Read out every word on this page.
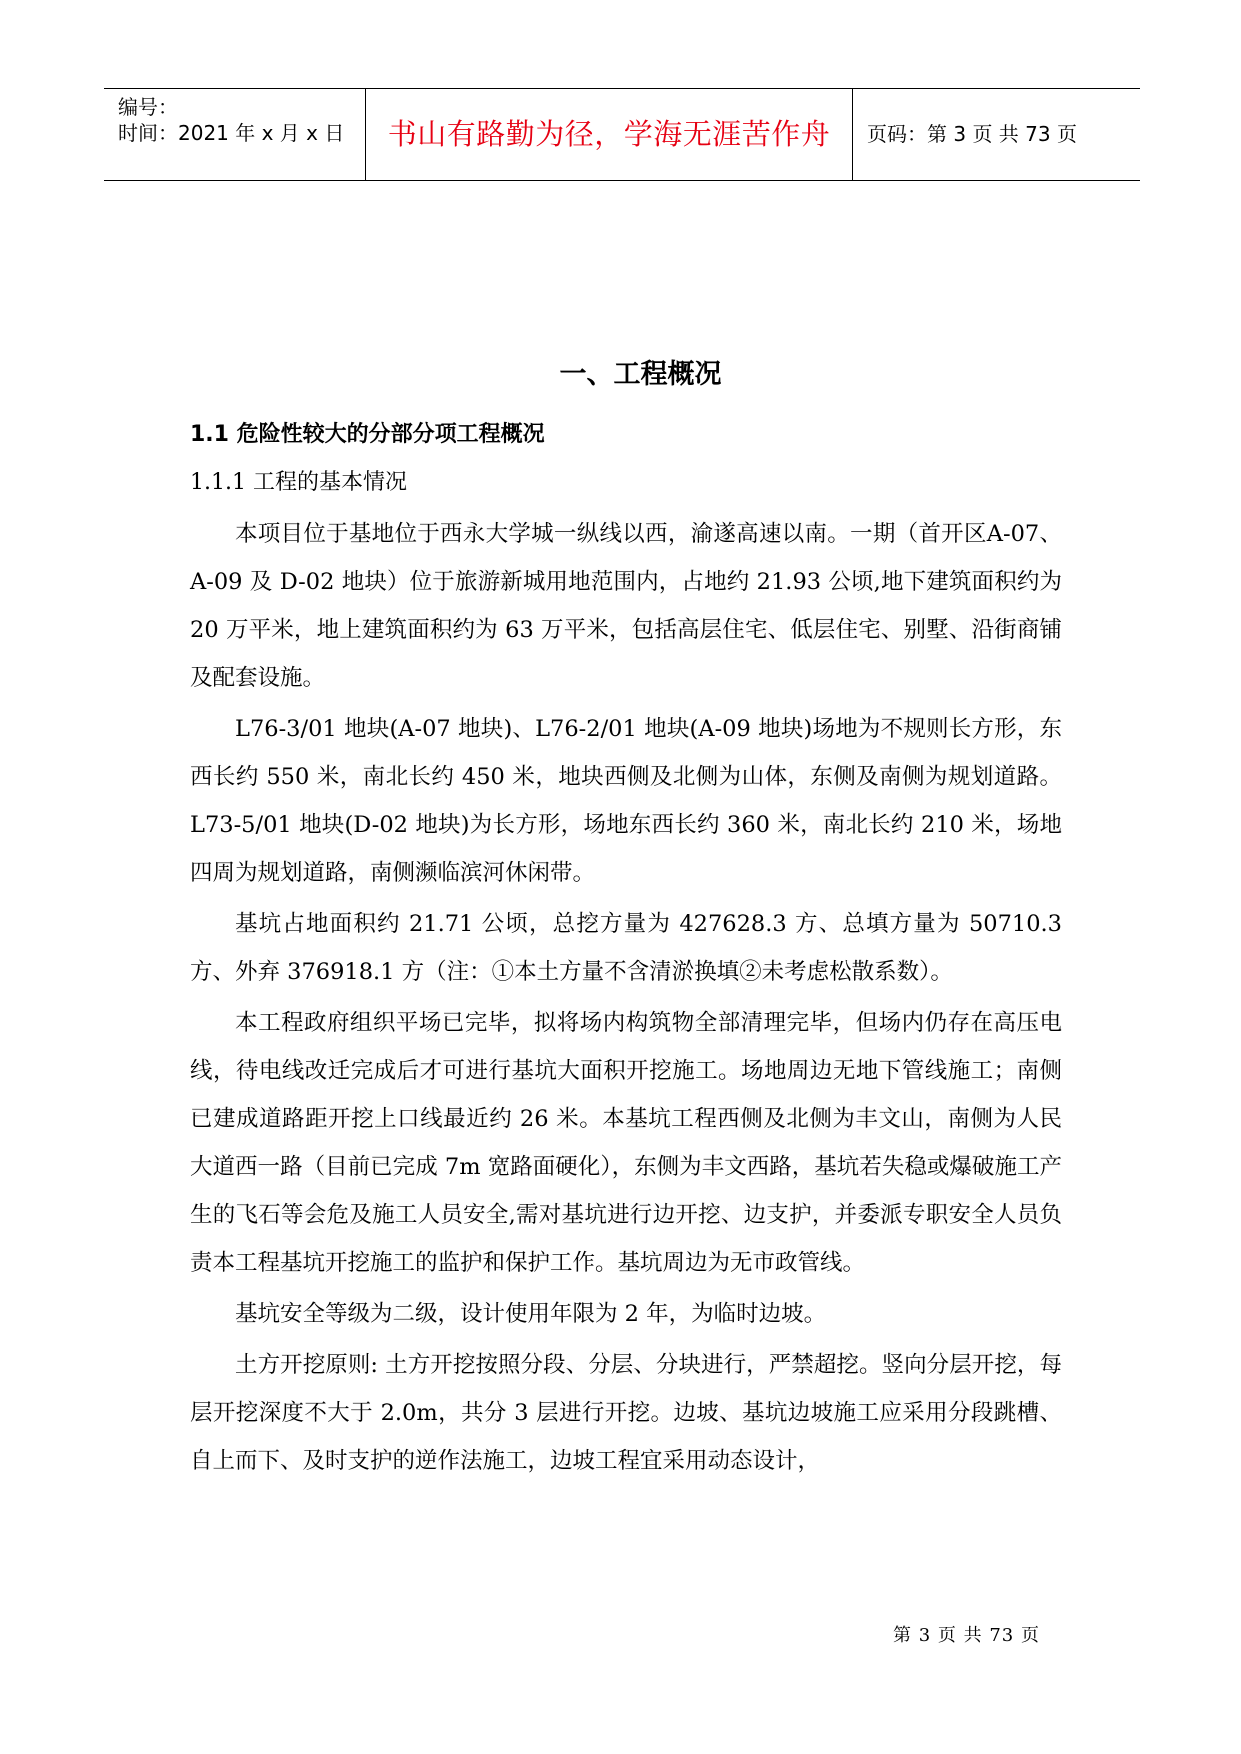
编号：
时间：2021 年 x 月 x 日	书山有路勤为径，学海无涯苦作舟	页码：第 3 页 共 73 页
一、工程概况
1.1 危险性较大的分部分项工程概况
1.1.1 工程的基本情况

本项目位于基地位于西永大学城一纵线以西，渝遂高速以南。一期（首开区A-07、A-09 及 D-02 地块）位于旅游新城用地范围内，占地约 21.93 公顷,地下建筑面积约为 20 万平米，地上建筑面积约为 63 万平米，包括高层住宅、低层住宅、别墅、沿街商铺及配套设施。

L76-3/01 地块(A-07 地块)、L76-2/01 地块(A-09 地块)场地为不规则长方形，东西长约 550 米，南北长约 450 米，地块西侧及北侧为山体，东侧及南侧为规划道路。L73-5/01 地块(D-02 地块)为长方形，场地东西长约 360 米，南北长约 210 米，场地四周为规划道路，南侧濒临滨河休闲带。

基坑占地面积约 21.71 公顷，总挖方量为 427628.3 方、总填方量为 50710.3 方、外弃 376918.1 方（注：①本土方量不含清淤换填②未考虑松散系数）。

本工程政府组织平场已完毕，拟将场内构筑物全部清理完毕，但场内仍存在高压电线，待电线改迁完成后才可进行基坑大面积开挖施工。场地周边无地下管线施工；南侧已建成道路距开挖上口线最近约 26 米。本基坑工程西侧及北侧为丰文山，南侧为人民大道西一路（目前已完成 7m 宽路面硬化），东侧为丰文西路，基坑若失稳或爆破施工产生的飞石等会危及施工人员安全,需对基坑进行边开挖、边支护，并委派专职安全人员负责本工程基坑开挖施工的监护和保护工作。基坑周边为无市政管线。

基坑安全等级为二级，设计使用年限为 2 年，为临时边坡。

土方开挖原则: 土方开挖按照分段、分层、分块进行，严禁超挖。竖向分层开挖，每层开挖深度不大于 2.0m，共分 3 层进行开挖。边坡、基坑边坡施工应采用分段跳槽、自上而下、及时支护的逆作法施工，边坡工程宜采用动态设计，

第 3 页 共 73 页
